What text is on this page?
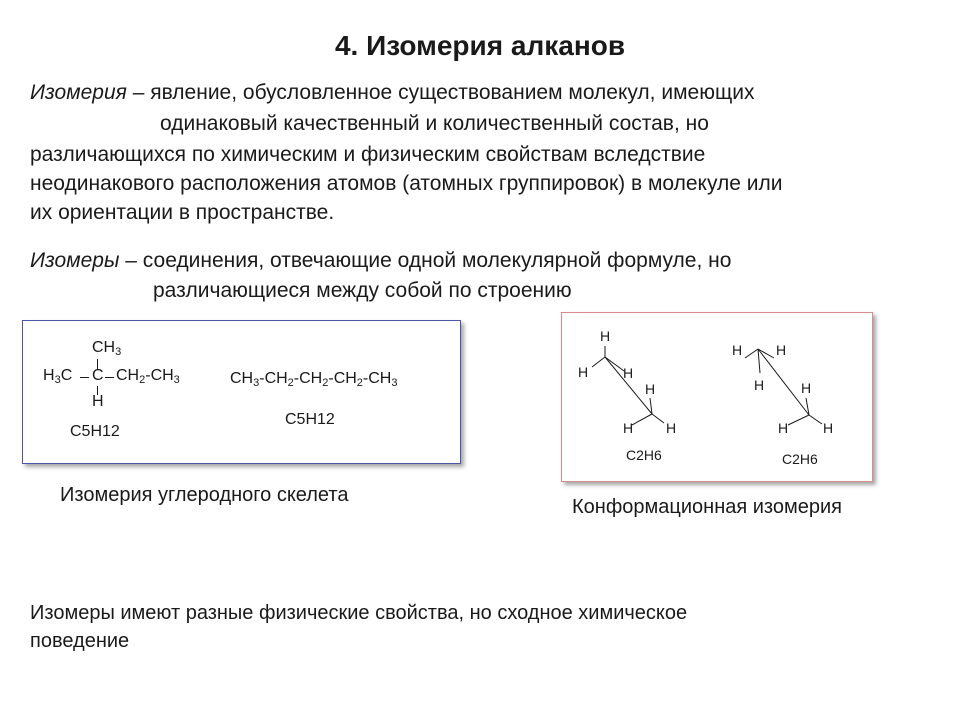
4. Изомерия алканов
Изомерия – явление, обусловленное существованием молекул, имеющих
одинаковый качественный и количественный состав, но
различающихся по химическим и физическим свойствам вследствие
неодинакового расположения атомов (атомных группировок) в молекуле или
их ориентации в пространстве.
Изомеры – соединения, отвечающие одной молекулярной формуле, но
различающиеся между собой по строению
$CH_3$
$H_3C$ C $CH_2-CH_3$
H
C5H12
$CH_3-CH_2-CH_2-CH_2-CH_3$
C5H12
H
H H
H
H H
C2H6
H H
H	H
H H
C2H6
Изомерия углеродного скелета
Конформационная изомерия
Изомеры имеют разные физические свойства, но сходное химическое
поведение
